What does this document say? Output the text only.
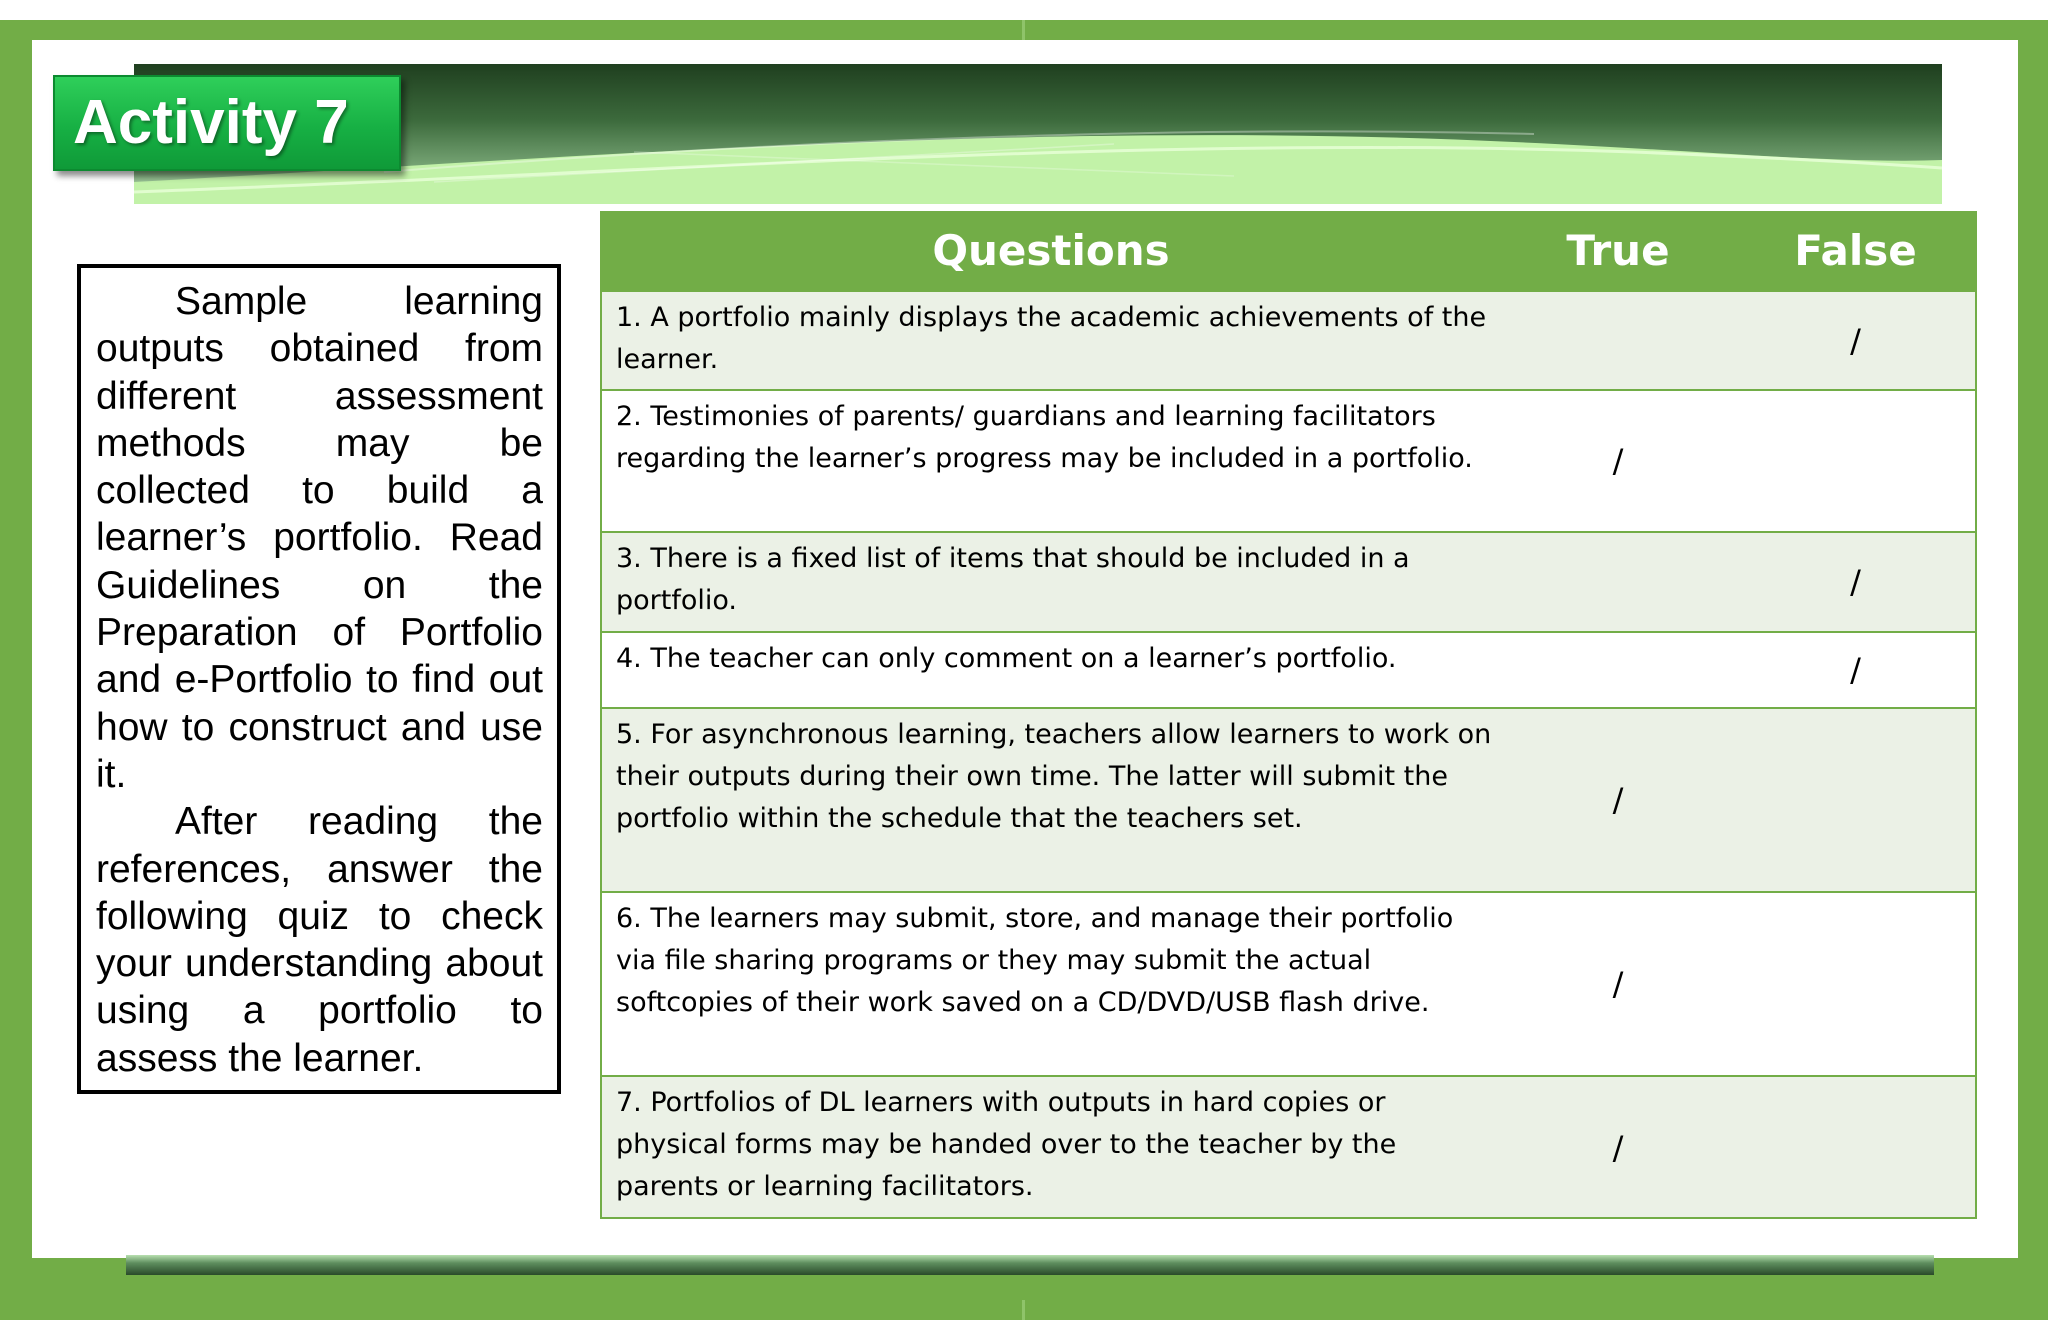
Activity 7

Sample learning outputs obtained from different assessment methods may be collected to build a learner’s portfolio. Read Guidelines on the Preparation of Portfolio and e-Portfolio to find out how to construct and use it.

After reading the references, answer the following quiz to check your understanding about using a portfolio to assess the learner.

Questions	True	False
1. A portfolio mainly displays the academic achievements of the learner.		/
2. Testimonies of parents/ guardians and learning facilitators regarding the learner’s progress may be included in a portfolio.	/	
3. There is a fixed list of items that should be included in a portfolio.		/
4. The teacher can only comment on a learner’s portfolio.		/
5. For asynchronous learning, teachers allow learners to work on their outputs during their own time. The latter will submit the portfolio within the schedule that the teachers set.	/	
6. The learners may submit, store, and manage their portfolio via file sharing programs or they may submit the actual softcopies of their work saved on a CD/DVD/USB flash drive.	/	
7. Portfolios of DL learners with outputs in hard copies or physical forms may be handed over to the teacher by the parents or learning facilitators.	/	
